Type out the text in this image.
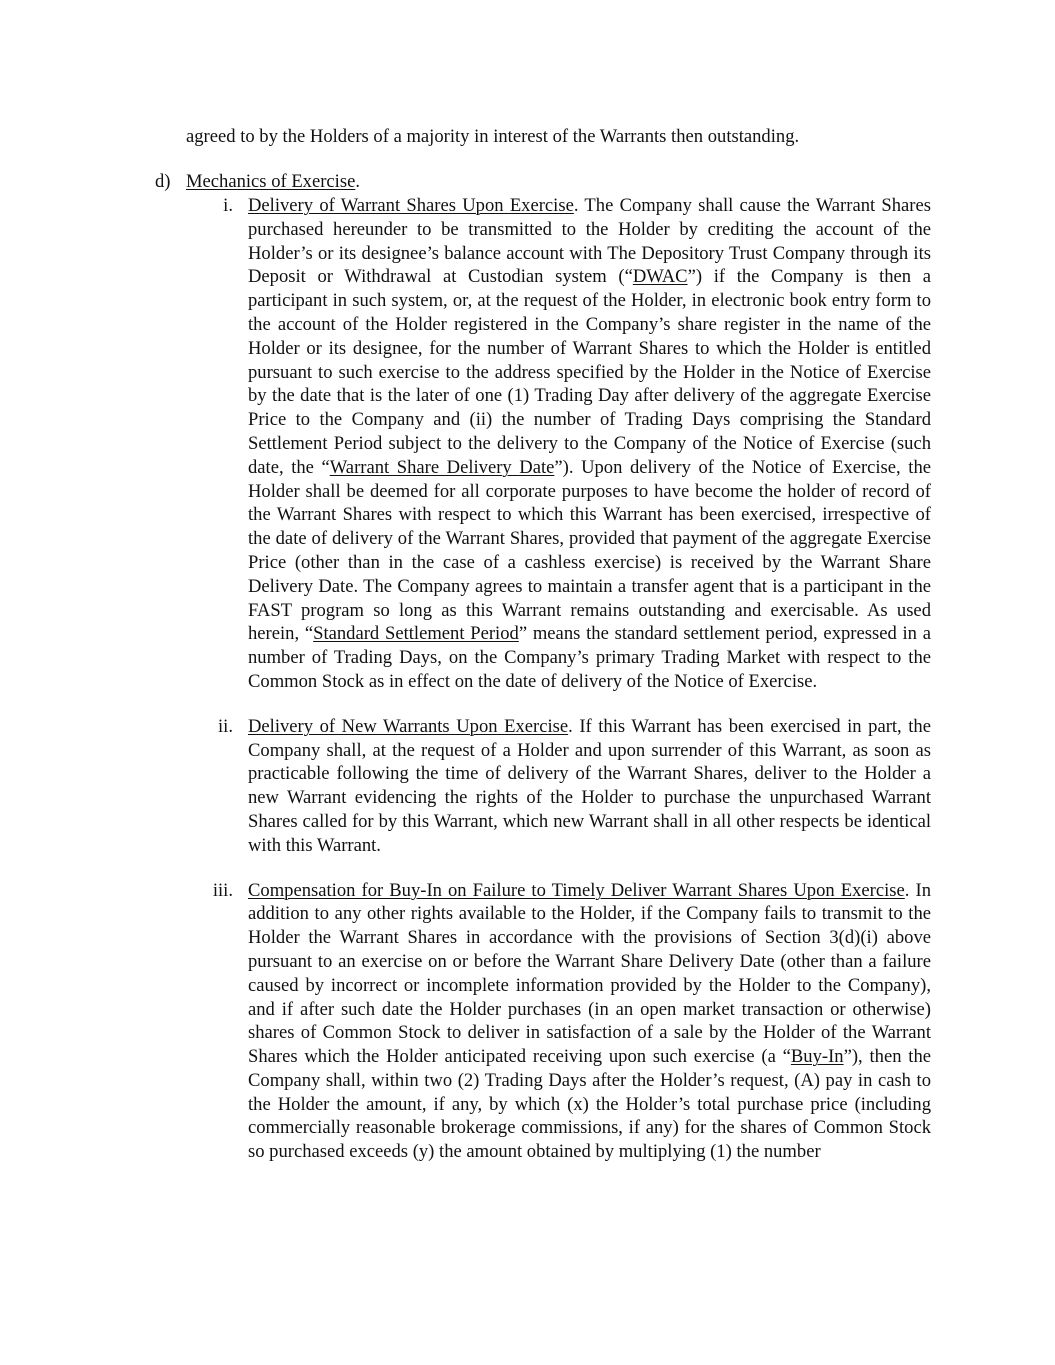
agreed to by the Holders of a majority in interest of the Warrants then outstanding.
d) Mechanics of Exercise.
i. Delivery of Warrant Shares Upon Exercise. The Company shall cause the Warrant Shares purchased hereunder to be transmitted to the Holder by crediting the account of the Holder’s or its designee’s balance account with The Depository Trust Company through its Deposit or Withdrawal at Custodian system (“DWAC”) if the Company is then a participant in such system, or, at the request of the Holder, in electronic book entry form to the account of the Holder registered in the Company’s share register in the name of the Holder or its designee, for the number of Warrant Shares to which the Holder is entitled pursuant to such exercise to the address specified by the Holder in the Notice of Exercise by the date that is the later of one (1) Trading Day after delivery of the aggregate Exercise Price to the Company and (ii) the number of Trading Days comprising the Standard Settlement Period subject to the delivery to the Company of the Notice of Exercise (such date, the “Warrant Share Delivery Date”). Upon delivery of the Notice of Exercise, the Holder shall be deemed for all corporate purposes to have become the holder of record of the Warrant Shares with respect to which this Warrant has been exercised, irrespective of the date of delivery of the Warrant Shares, provided that payment of the aggregate Exercise Price (other than in the case of a cashless exercise) is received by the Warrant Share Delivery Date. The Company agrees to maintain a transfer agent that is a participant in the FAST program so long as this Warrant remains outstanding and exercisable. As used herein, “Standard Settlement Period” means the standard settlement period, expressed in a number of Trading Days, on the Company’s primary Trading Market with respect to the Common Stock as in effect on the date of delivery of the Notice of Exercise.
ii. Delivery of New Warrants Upon Exercise. If this Warrant has been exercised in part, the Company shall, at the request of a Holder and upon surrender of this Warrant, as soon as practicable following the time of delivery of the Warrant Shares, deliver to the Holder a new Warrant evidencing the rights of the Holder to purchase the unpurchased Warrant Shares called for by this Warrant, which new Warrant shall in all other respects be identical with this Warrant.
iii. Compensation for Buy-In on Failure to Timely Deliver Warrant Shares Upon Exercise. In addition to any other rights available to the Holder, if the Company fails to transmit to the Holder the Warrant Shares in accordance with the provisions of Section 3(d)(i) above pursuant to an exercise on or before the Warrant Share Delivery Date (other than a failure caused by incorrect or incomplete information provided by the Holder to the Company), and if after such date the Holder purchases (in an open market transaction or otherwise) shares of Common Stock to deliver in satisfaction of a sale by the Holder of the Warrant Shares which the Holder anticipated receiving upon such exercise (a “Buy-In”), then the Company shall, within two (2) Trading Days after the Holder’s request, (A) pay in cash to the Holder the amount, if any, by which (x) the Holder’s total purchase price (including commercially reasonable brokerage commissions, if any) for the shares of Common Stock so purchased exceeds (y) the amount obtained by multiplying (1) the number
